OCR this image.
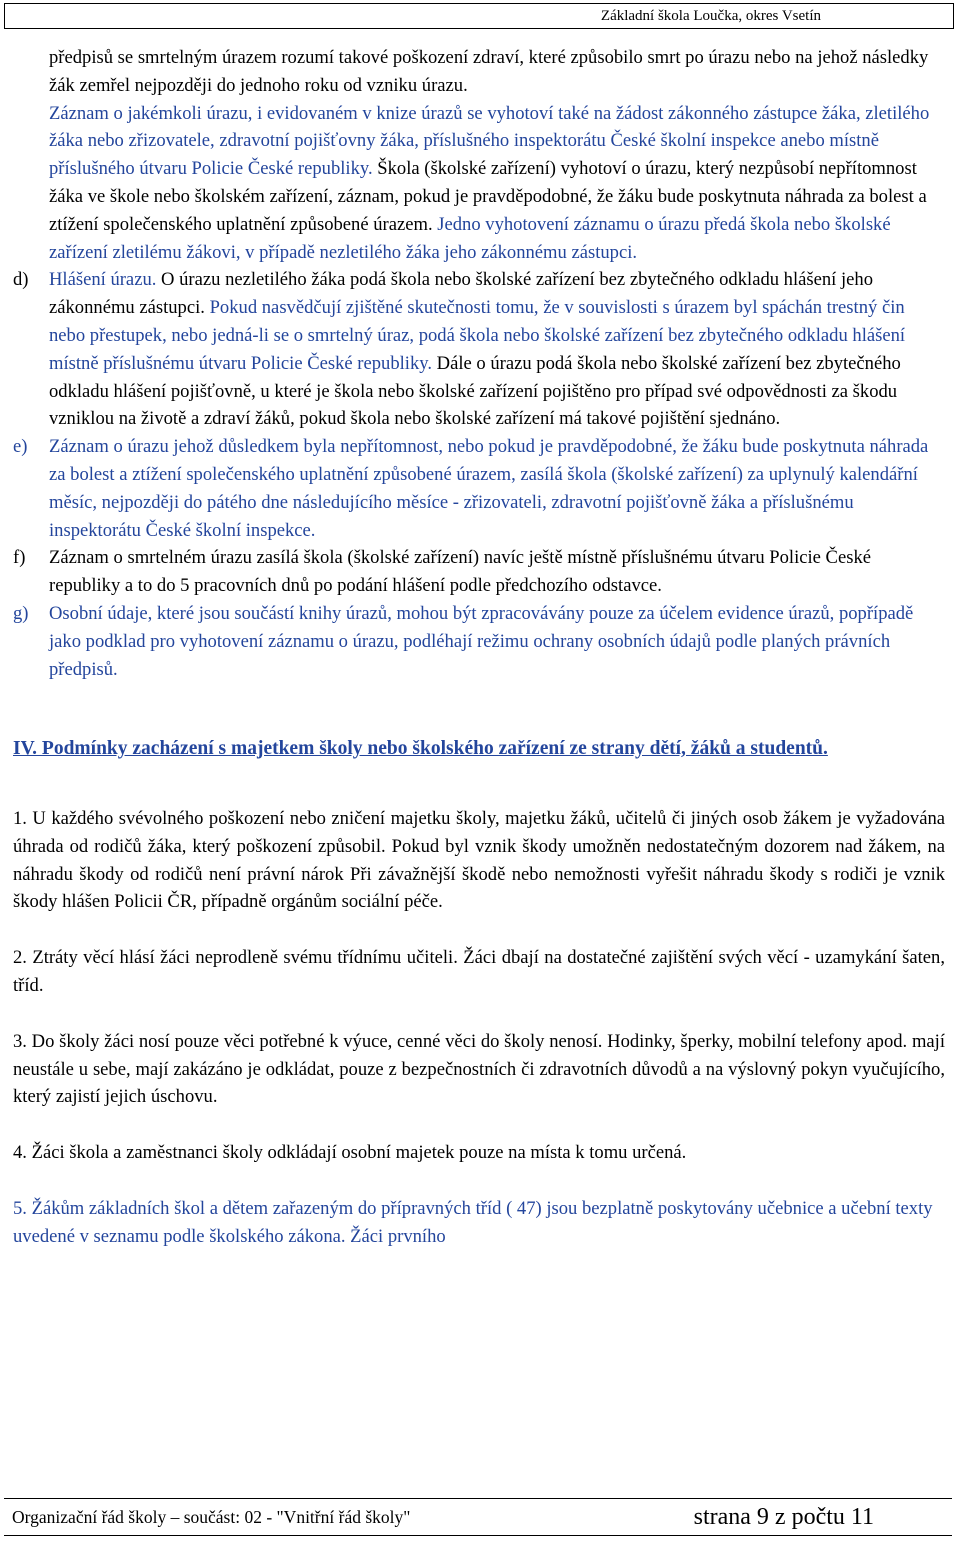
Základní škola Loučka, okres Vsetín

předpisů se smrtelným úrazem rozumí takové poškození zdraví, které způsobilo smrt po úrazu nebo na jehož následky žák zemřel nejpozději do jednoho roku od vzniku úrazu.

Záznam o jakémkoli úrazu, i evidovaném v knize úrazů se vyhotoví také na žádost zákonného zástupce žáka, zletilého žáka nebo zřizovatele, zdravotní pojišťovny žáka, příslušného inspektorátu České školní inspekce anebo místně příslušného útvaru Policie České republiky. Škola (školské zařízení) vyhotoví o úrazu, který nezpůsobí nepřítomnost žáka ve škole nebo školském zařízení, záznam, pokud je pravděpodobné, že žáku bude poskytnuta náhrada za bolest a ztížení společenského uplatnění způsobené úrazem. Jedno vyhotovení záznamu o úrazu předá škola nebo školské zařízení zletilému žákovi, v případě nezletilého žáka jeho zákonnému zástupci.

d)	Hlášení úrazu. O úrazu nezletilého žáka podá škola nebo školské zařízení bez zbytečného odkladu hlášení jeho zákonnému zástupci. Pokud nasvědčují zjištěné skutečnosti tomu, že v souvislosti s úrazem byl spáchán trestný čin nebo přestupek, nebo jedná-li se o smrtelný úraz, podá škola nebo školské zařízení bez zbytečného odkladu hlášení místně příslušnému útvaru Policie České republiky. Dále o úrazu podá škola nebo školské zařízení bez zbytečného odkladu hlášení pojišťovně, u které je škola nebo školské zařízení pojištěno pro případ své odpovědnosti za škodu vzniklou na životě a zdraví žáků, pokud škola nebo školské zařízení má takové pojištění sjednáno.

e)	Záznam o úrazu jehož důsledkem byla nepřítomnost, nebo pokud je pravděpodobné, že žáku bude poskytnuta náhrada za bolest a ztížení společenského uplatnění způsobené úrazem, zasílá škola (školské zařízení) za uplynulý kalendářní měsíc, nejpozději do pátého dne následujícího měsíce - zřizovateli, zdravotní pojišťovně žáka a příslušnému inspektorátu České školní inspekce.

f)	Záznam o smrtelném úrazu zasílá škola (školské zařízení) navíc ještě místně příslušnému útvaru Policie České republiky a to do 5 pracovních dnů po podání hlášení podle předchozího odstavce.

g)	Osobní údaje, které jsou součástí knihy úrazů, mohou být zpracovávány pouze za účelem evidence úrazů, popřípadě jako podklad pro vyhotovení záznamu o úrazu, podléhají režimu ochrany osobních údajů podle planých právních předpisů.

IV. Podmínky zacházení s majetkem školy nebo školského zařízení ze strany dětí, žáků a studentů.

1. U každého svévolného poškození nebo zničení majetku školy, majetku žáků, učitelů či jiných osob žákem je vyžadována úhrada od rodičů žáka, který poškození způsobil. Pokud byl vznik škody umožněn nedostatečným dozorem nad žákem, na náhradu škody od rodičů není právní nárok Při závažnější škodě nebo nemožnosti vyřešit náhradu škody s rodiči je vznik škody hlášen Policii ČR, případně orgánům sociální péče.

2. Ztráty věcí hlásí žáci neprodleně svému třídnímu učiteli. Žáci dbají na dostatečné zajištění svých věcí - uzamykání šaten, tříd.

3. Do školy žáci nosí pouze věci potřebné k výuce, cenné věci do školy nenosí. Hodinky, šperky, mobilní telefony apod. mají neustále u sebe, mají zakázáno je odkládat, pouze z bezpečnostních či zdravotních důvodů a na výslovný pokyn vyučujícího, který zajistí jejich úschovu.

4. Žáci škola a zaměstnanci školy odkládají osobní majetek pouze na místa k tomu určená.

5. Žákům základních škol a dětem zařazeným do přípravných tříd ( 47) jsou bezplatně poskytovány učebnice a učební texty uvedené v seznamu podle školského zákona. Žáci prvního

Organizační řád školy – součást: 02 - "Vnitřní řád školy"	strana 9 z počtu 11
